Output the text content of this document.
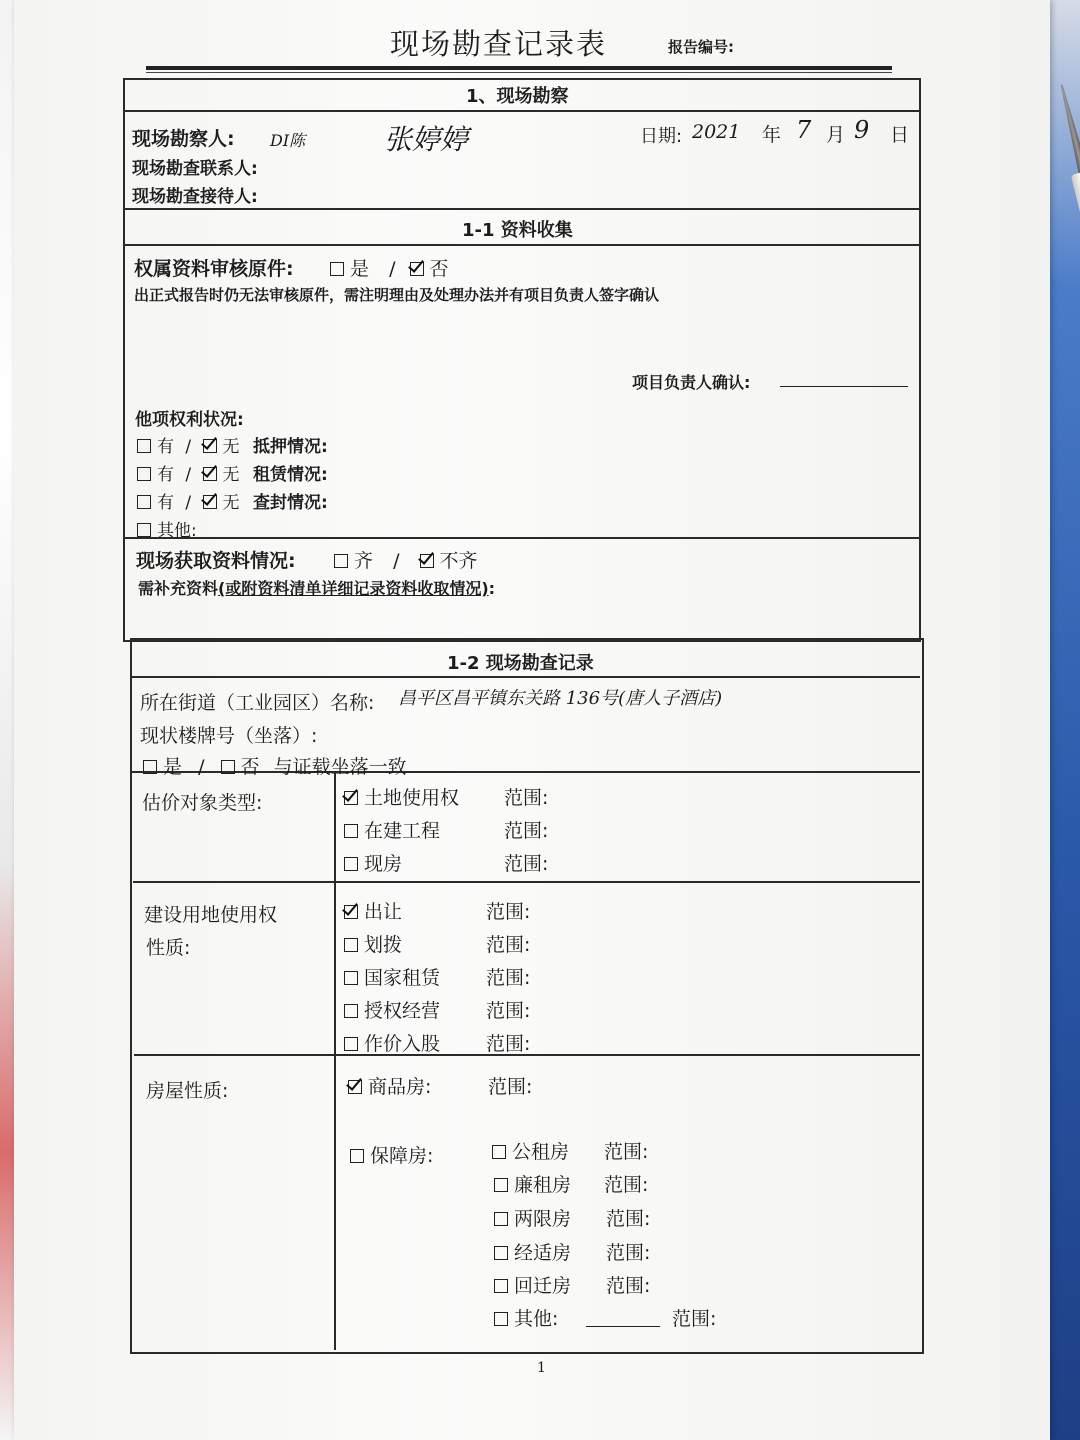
现场勘查记录表	报告编号:
1、现场勘察
现场勘察人: DI陈	张婷婷	日期: 2021 年 7 月 9 日
现场勘查联系人:
现场勘查接待人:
1-1 资料收集
权属资料审核原件:	是 / 否
出正式报告时仍无法审核原件，需注明理由及处理办法并有项目负责人签字确认
项目负责人确认:
他项权利状况:
有 / 无 抵押情况:
有 / 无 租赁情况:
有 / 无 查封情况:
其他:
现场获取资料情况:	齐 / 不齐
需补充资料(或附资料清单详细记录资料收取情况):
1-2 现场勘查记录
所在街道（工业园区）名称: 昌平区昌平镇东关路 136号(唐人子酒店)
现状楼牌号（坐落）:
是 / 否 与证载坐落一致
估价对象类型:	土地使用权 范围:
在建工程	范围:
现房	范围:
建设用地使用权
性质:
出让	范围:
划拨	范围:
国家租赁 范围:
授权经营 范围:
作价入股 范围:
房屋性质:	商品房:	范围:
保障房:	公租房 范围:
廉租房 范围:
两限房 范围:
经适房 范围:
回迁房 范围:
其他:	范围:
1
